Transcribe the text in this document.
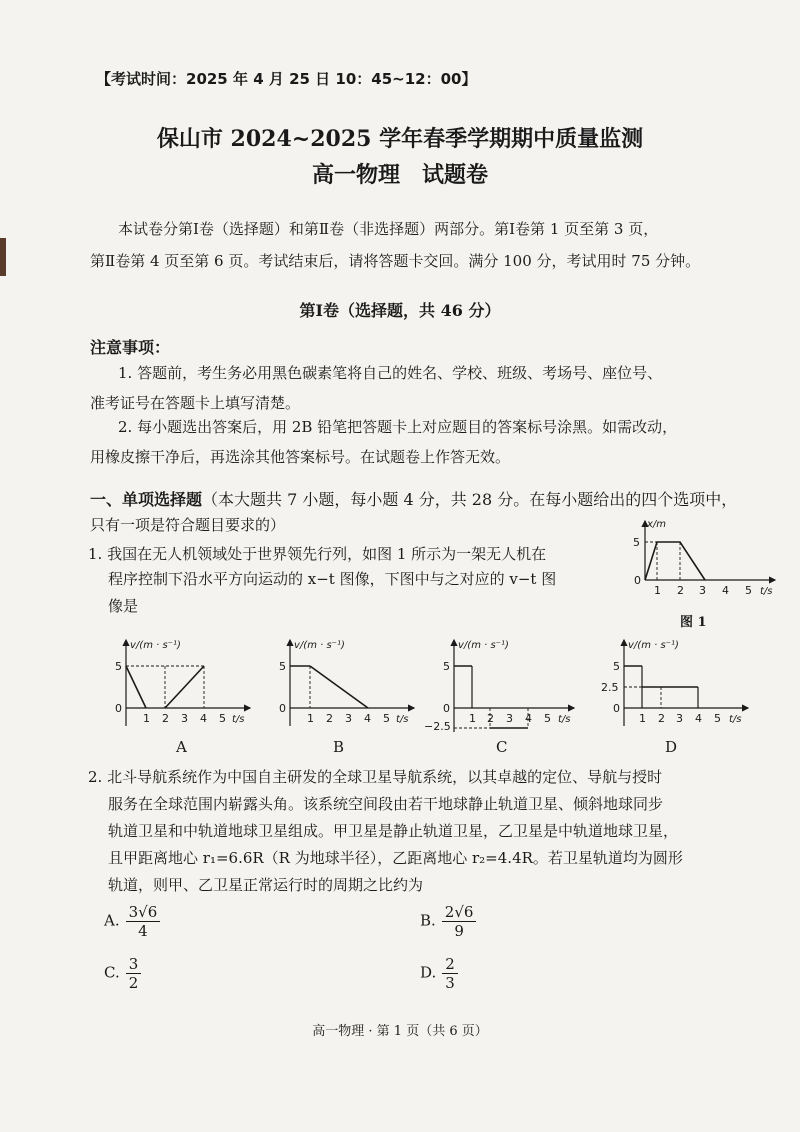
【考试时间：2025 年 4 月 25 日 10：45~12：00】
保山市 2024~2025 学年春季学期期中质量监测
高一物理　试题卷
本试卷分第Ⅰ卷（选择题）和第Ⅱ卷（非选择题）两部分。第Ⅰ卷第 1 页至第 3 页，
第Ⅱ卷第 4 页至第 6 页。考试结束后，请将答题卡交回。满分 100 分，考试用时 75 分钟。
第Ⅰ卷（选择题，共 46 分）
注意事项：
1. 答题前，考生务必用黑色碳素笔将自己的姓名、学校、班级、考场号、座位号、
准考证号在答题卡上填写清楚。
2. 每小题选出答案后，用 2B 铅笔把答题卡上对应题目的答案标号涂黑。如需改动，
用橡皮擦干净后，再选涂其他答案标号。在试题卷上作答无效。
一、单项选择题（本大题共 7 小题，每小题 4 分，共 28 分。在每小题给出的四个选项中，
只有一项是符合题目要求的）
1. 我国在无人机领域处于世界领先行列，如图 1 所示为一架无人机在
程序控制下沿水平方向运动的 x−t 图像，下图中与之对应的 v−t 图
像是
x/m
5
0
1 2 3 4 5 t/s
图 1
v/(m · s⁻¹)
5
0
1 2 3 4 5 t/s
v/(m · s⁻¹)
5
0
1 2 3 4 5 t/s
v/(m · s⁻¹)
5
0
−2.5
1 2 3 4 5 t/s
v/(m · s⁻¹)
5
2.5
0
1 2 3 4 5 t/s
A	B	C	D
2. 北斗导航系统作为中国自主研发的全球卫星导航系统，以其卓越的定位、导航与授时
服务在全球范围内崭露头角。该系统空间段由若干地球静止轨道卫星、倾斜地球同步
轨道卫星和中轨道地球卫星组成。甲卫星是静止轨道卫星，乙卫星是中轨道地球卫星，
且甲距离地心 r₁=6.6R（R 为地球半径），乙距离地心 r₂=4.4R。若卫星轨道均为圆形
轨道，则甲、乙卫星正常运行时的周期之比约为
A. $\frac{3√6}{4}$	B. $\frac{2√6}{9}$
C. $\frac{3}{2}$	D. $\frac{2}{3}$
高一物理 · 第 1 页（共 6 页）
